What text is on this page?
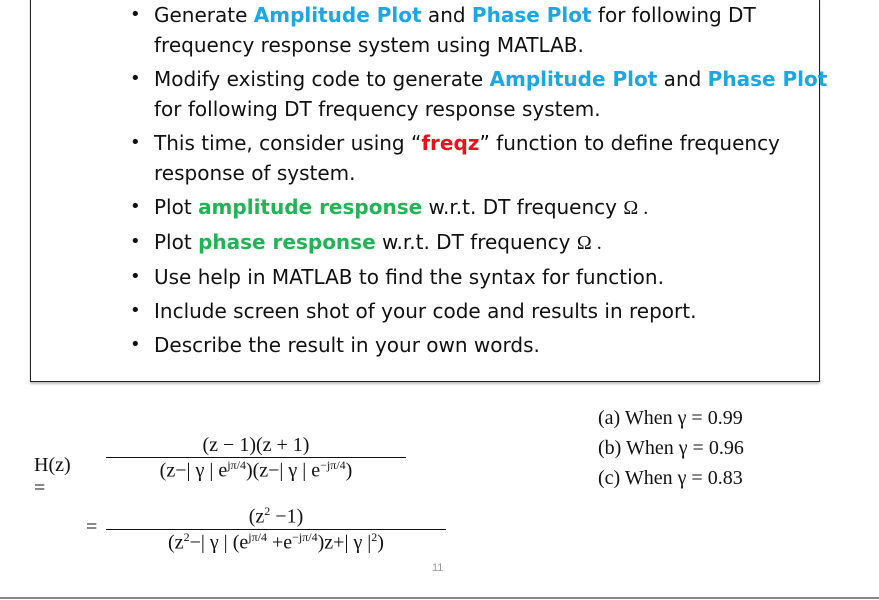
• Generate Amplitude Plot and Phase Plot for following DT frequency response system using MATLAB.
• Modify existing code to generate Amplitude Plot and Phase Plot for following DT frequency response system.
• This time, consider using “freqz” function to define frequency response of system.
• Plot amplitude response w.r.t. DT frequency Ω .
• Plot phase response w.r.t. DT frequency Ω .
• Use help in MATLAB to find the syntax for function.
• Include screen shot of your code and results in report.
• Describe the result in your own words.
H(z) =
(z − 1)(z + 1)
(z−| γ | $e^{j\pi/4})(z-|$ γ | $e^{-j\pi/4}$)
=	$(z^2 -1)$
($z^2-|$ γ | $(e^{j\pi/4} +e^{-j\pi/4})z+|$ γ $|^2$)
(a) When γ = 0.99
(b) When γ = 0.96
(c) When γ = 0.83
11
